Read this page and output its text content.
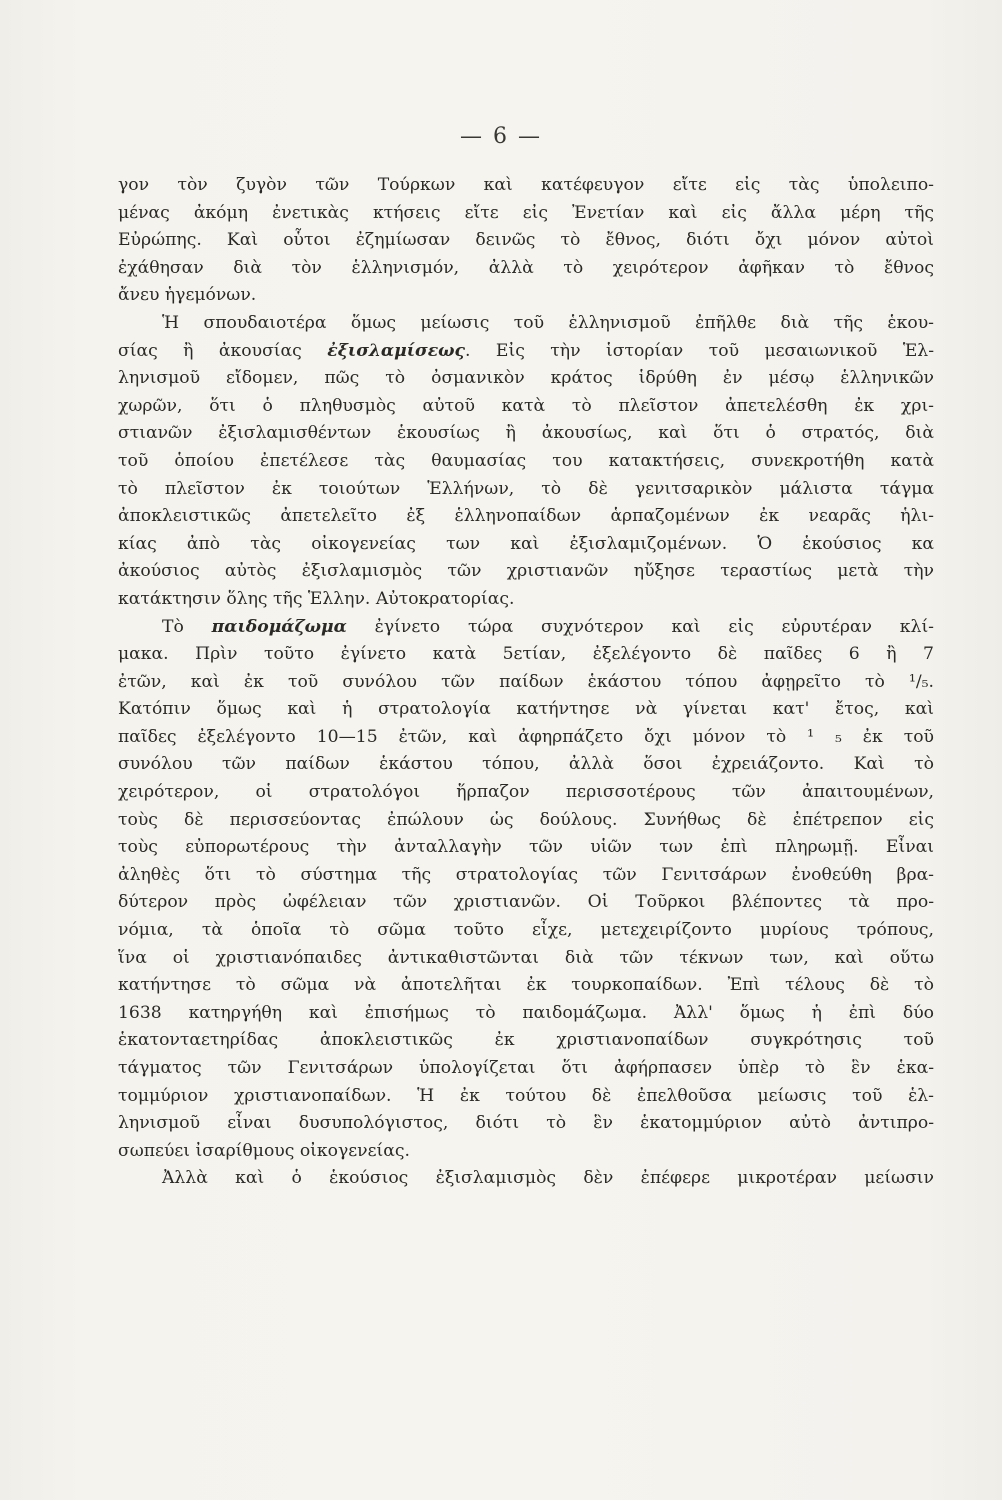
— 6 —
γον τὸν ζυγὸν τῶν Τούρκων καὶ κατέφευγον εἴτε εἰς τὰς ὑπολειπο-
μένας ἀκόμη ἐνετικὰς κτήσεις εἴτε εἰς Ἐνετίαν καὶ εἰς ἄλλα μέρη τῆς
Εὐρώπης. Καὶ οὗτοι ἐζημίωσαν δεινῶς τὸ ἔθνος, διότι ὄχι μόνον αὐτοὶ
ἐχάθησαν διὰ τὸν ἑλληνισμόν, ἀλλὰ τὸ χειρότερον ἀφῆκαν τὸ ἔθνος
ἄνευ ἡγεμόνων.
Ἡ σπουδαιοτέρα ὅμως μείωσις τοῦ ἑλληνισμοῦ ἐπῆλθε διὰ τῆς ἑκου-
σίας ἢ ἀκουσίας ἐξισλαμίσεως. Εἰς τὴν ἱστορίαν τοῦ μεσαιωνικοῦ Ἑλ-
ληνισμοῦ εἴδομεν, πῶς τὸ ὀσμανικὸν κράτος ἱδρύθη ἐν μέσῳ ἑλληνικῶν
χωρῶν, ὅτι ὁ πληθυσμὸς αὐτοῦ κατὰ τὸ πλεῖστον ἀπετελέσθη ἐκ χρι-
στιανῶν ἐξισλαμισθέντων ἑκουσίως ἢ ἀκουσίως, καὶ ὅτι ὁ στρατός, διὰ
τοῦ ὁποίου ἐπετέλεσε τὰς θαυμασίας του κατακτήσεις, συνεκροτήθη κατὰ
τὸ πλεῖστον ἐκ τοιούτων Ἑλλήνων, τὸ δὲ γενιτσαρικὸν μάλιστα τάγμα
ἀποκλειστικῶς ἀπετελεῖτο ἐξ ἑλληνοπαίδων ἁρπαζομένων ἐκ νεαρᾶς ἡλι-
κίας ἀπὸ τὰς οἰκογενείας των καὶ ἐξισλαμιζομένων. Ὁ ἑκούσιος κα
ἀκούσιος αὐτὸς ἐξισλαμισμὸς τῶν χριστιανῶν ηὔξησε τεραστίως μετὰ τὴν
κατάκτησιν ὅλης τῆς Ἑλλην. Αὐτοκρατορίας.
Τὸ παιδομάζωμα ἐγίνετο τώρα συχνότερον καὶ εἰς εὐρυτέραν κλί-
μακα. Πρὶν τοῦτο ἐγίνετο κατὰ 5ετίαν, ἐξελέγοντο δὲ παῖδες 6 ἢ 7
ἐτῶν, καὶ ἐκ τοῦ συνόλου τῶν παίδων ἑκάστου τόπου ἀφῃρεῖτο τὸ ¹/₅.
Κατόπιν ὅμως καὶ ἡ στρατολογία κατήντησε νὰ γίνεται κατ' ἔτος, καὶ
παῖδες ἐξελέγοντο 10—15 ἐτῶν, καὶ ἀφηρπάζετο ὄχι μόνον τὸ ¹ ₅ ἐκ τοῦ
συνόλου τῶν παίδων ἑκάστου τόπου, ἀλλὰ ὅσοι ἐχρειάζοντο. Καὶ τὸ
χειρότερον, οἱ στρατολόγοι ἥρπαζον περισσοτέρους τῶν ἀπαιτουμένων,
τοὺς δὲ περισσεύοντας ἐπώλουν ὡς δούλους. Συνήθως δὲ ἐπέτρεπον εἰς
τοὺς εὐπορωτέρους τὴν ἀνταλλαγὴν τῶν υἱῶν των ἐπὶ πληρωμῇ. Εἶναι
ἀληθὲς ὅτι τὸ σύστημα τῆς στρατολογίας τῶν Γενιτσάρων ἐνοθεύθη βρα-
δύτερον πρὸς ὠφέλειαν τῶν χριστιανῶν. Οἱ Τοῦρκοι βλέποντες τὰ προ-
νόμια, τὰ ὁποῖα τὸ σῶμα τοῦτο εἶχε, μετεχειρίζοντο μυρίους τρόπους,
ἵνα οἱ χριστιανόπαιδες ἀντικαθιστῶνται διὰ τῶν τέκνων των, καὶ οὕτω
κατήντησε τὸ σῶμα νὰ ἀποτελῆται ἐκ τουρκοπαίδων. Ἐπὶ τέλους δὲ τὸ
1638 κατηργήθη καὶ ἐπισήμως τὸ παιδομάζωμα. Ἀλλ' ὅμως ἡ ἐπὶ δύο
ἑκατονταετηρίδας ἀποκλειστικῶς ἐκ χριστιανοπαίδων συγκρότησις τοῦ
τάγματος τῶν Γενιτσάρων ὑπολογίζεται ὅτι ἀφήρπασεν ὑπὲρ τὸ ἓν ἑκα-
τομμύριον χριστιανοπαίδων. Ἡ ἐκ τούτου δὲ ἐπελθοῦσα μείωσις τοῦ ἑλ-
ληνισμοῦ εἶναι δυσυπολόγιστος, διότι τὸ ἓν ἑκατομμύριον αὐτὸ ἀντιπρο-
σωπεύει ἰσαρίθμους οἰκογενείας.
Ἀλλὰ καὶ ὁ ἑκούσιος ἐξισλαμισμὸς δὲν ἐπέφερε μικροτέραν μείωσιν
